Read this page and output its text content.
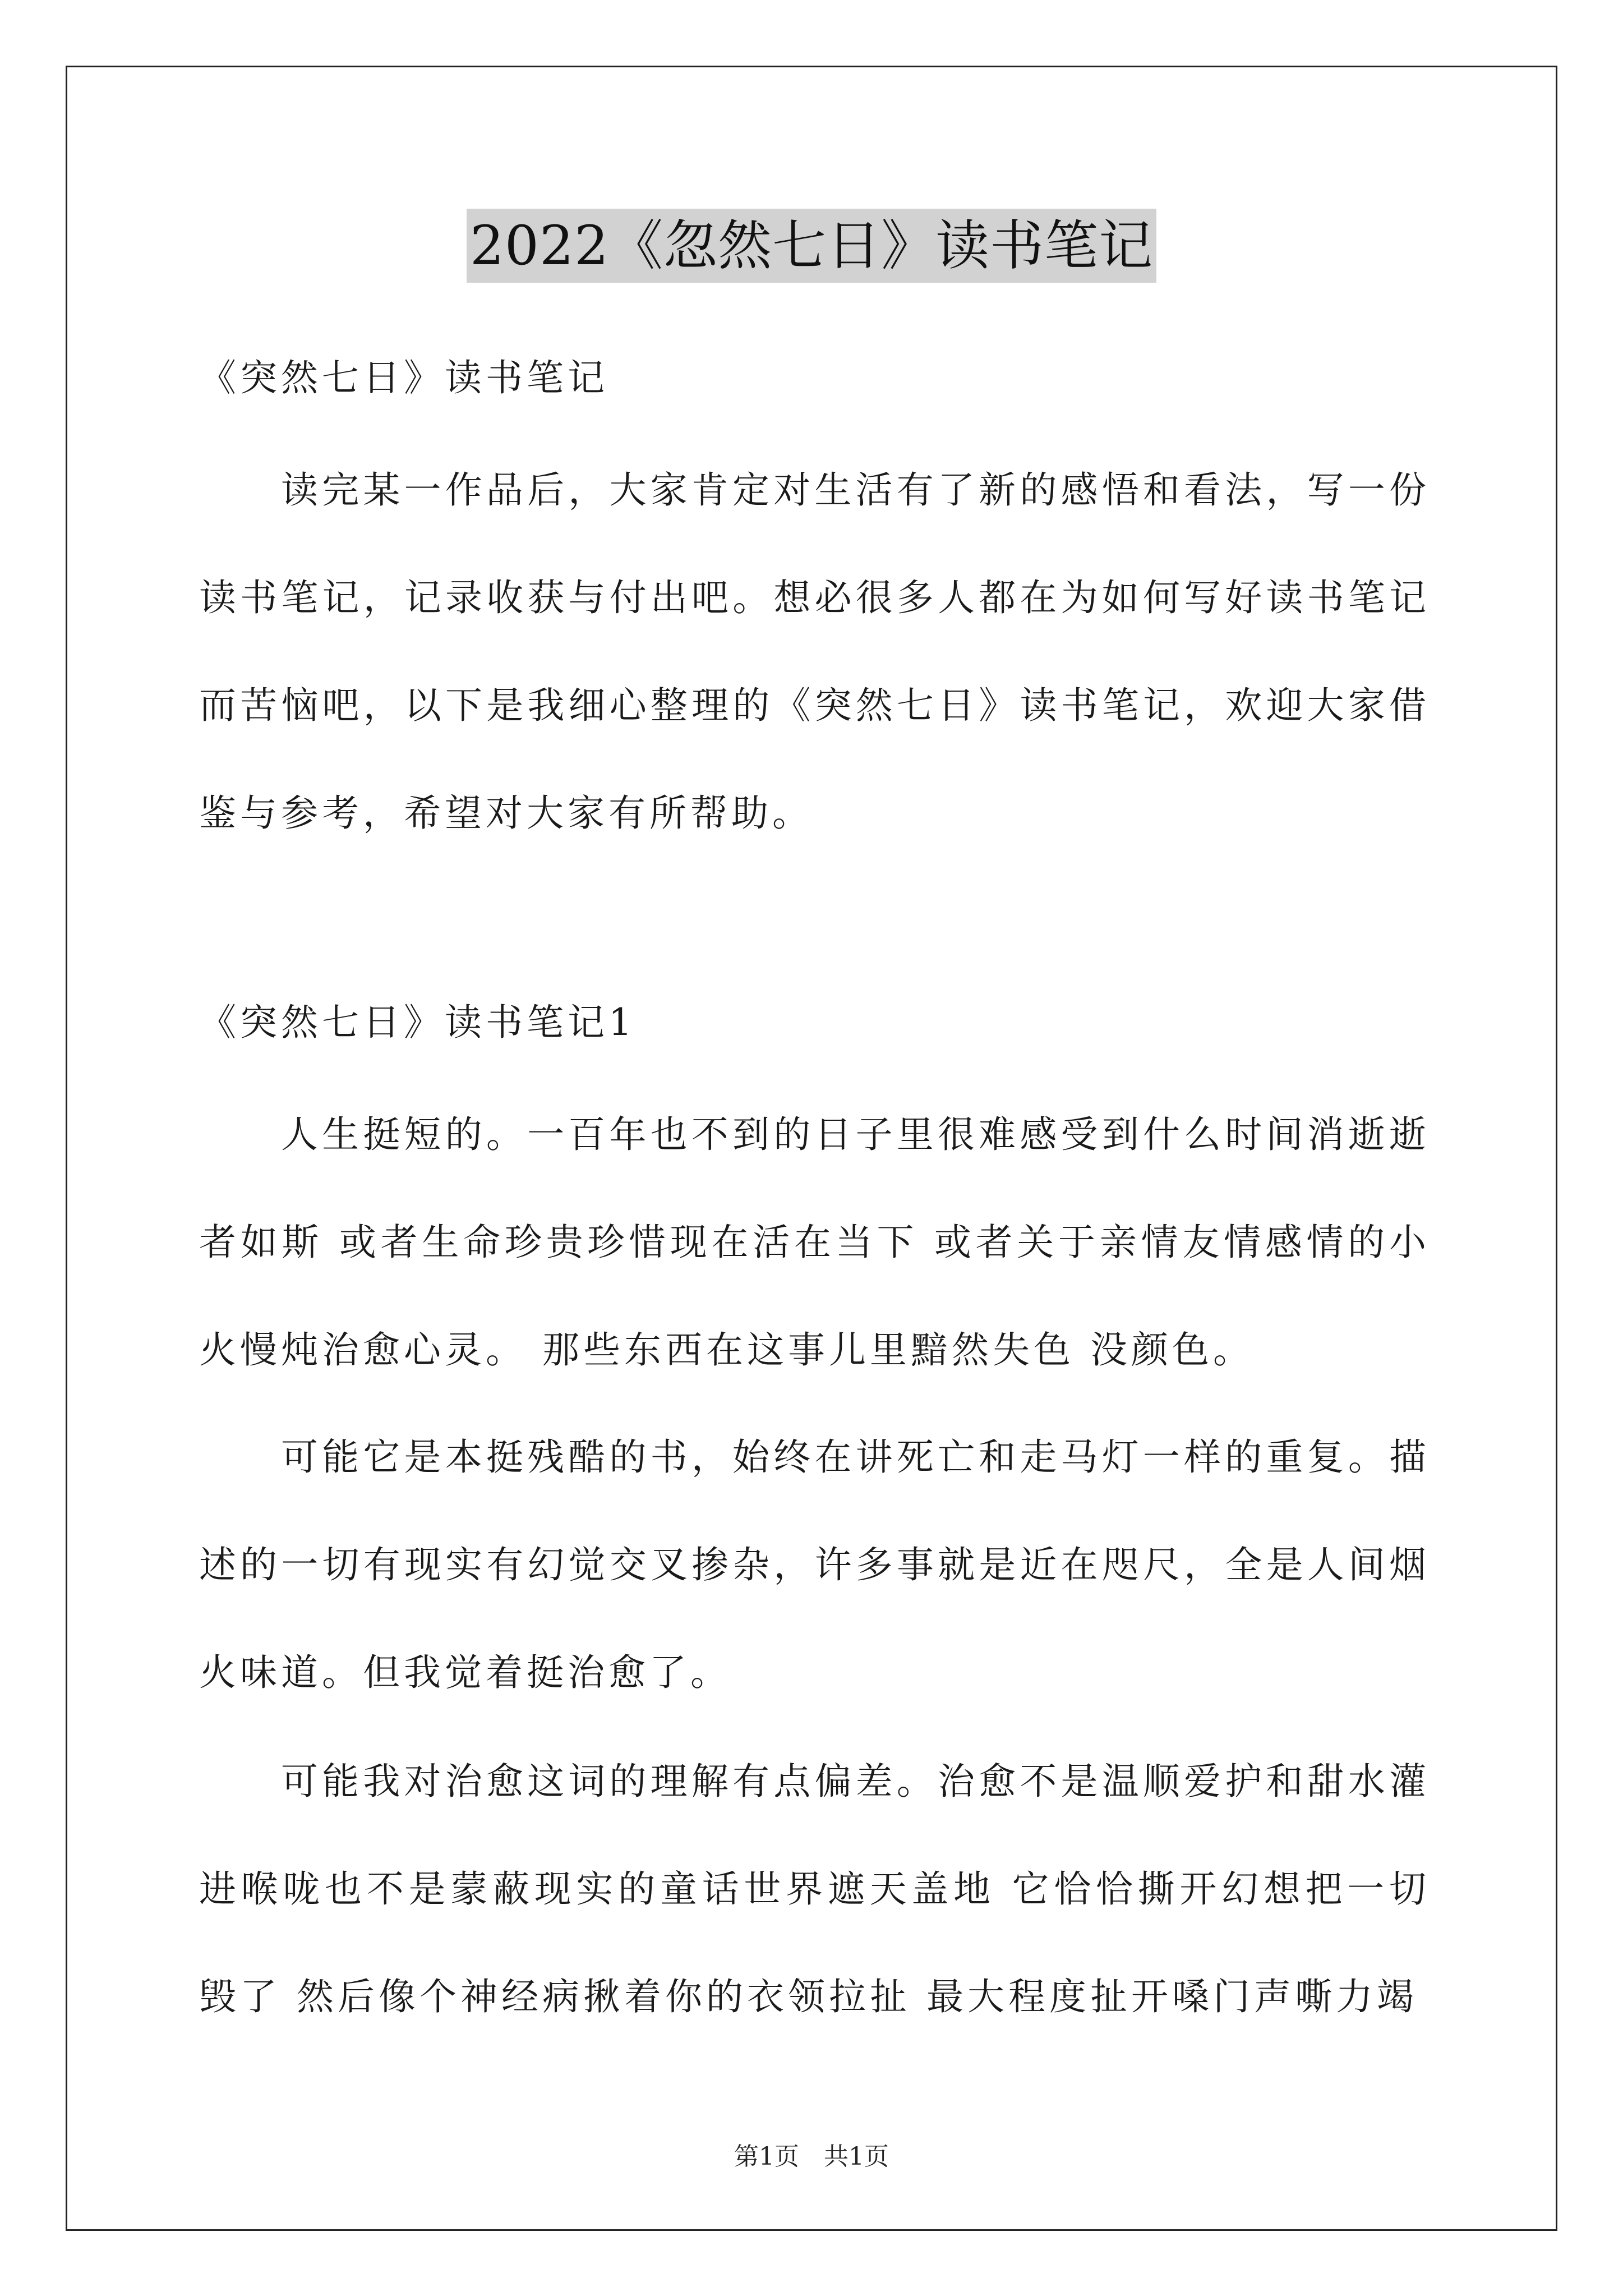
2022《忽然七日》读书笔记
《突然七日》读书笔记
读完某一作品后，大家肯定对生活有了新的感悟和看法，写一份读书笔记，记录收获与付出吧。想必很多人都在为如何写好读书笔记而苦恼吧，以下是我细心整理的《突然七日》读书笔记，欢迎大家借鉴与参考，希望对大家有所帮助。
《突然七日》读书笔记1
人生挺短的。一百年也不到的日子里很难感受到什么时间消逝逝者如斯 或者生命珍贵珍惜现在活在当下 或者关于亲情友情感情的小火慢炖治愈心灵。 那些东西在这事儿里黯然失色 没颜色。
可能它是本挺残酷的书，始终在讲死亡和走马灯一样的重复。描述的一切有现实有幻觉交叉掺杂，许多事就是近在咫尺，全是人间烟火味道。但我觉着挺治愈了。
可能我对治愈这词的理解有点偏差。治愈不是温顺爱护和甜水灌进喉咙也不是蒙蔽现实的童话世界遮天盖地 它恰恰撕开幻想把一切毁了 然后像个神经病揪着你的衣领拉扯 最大程度扯开嗓门声嘶力竭
第1页　共1页
